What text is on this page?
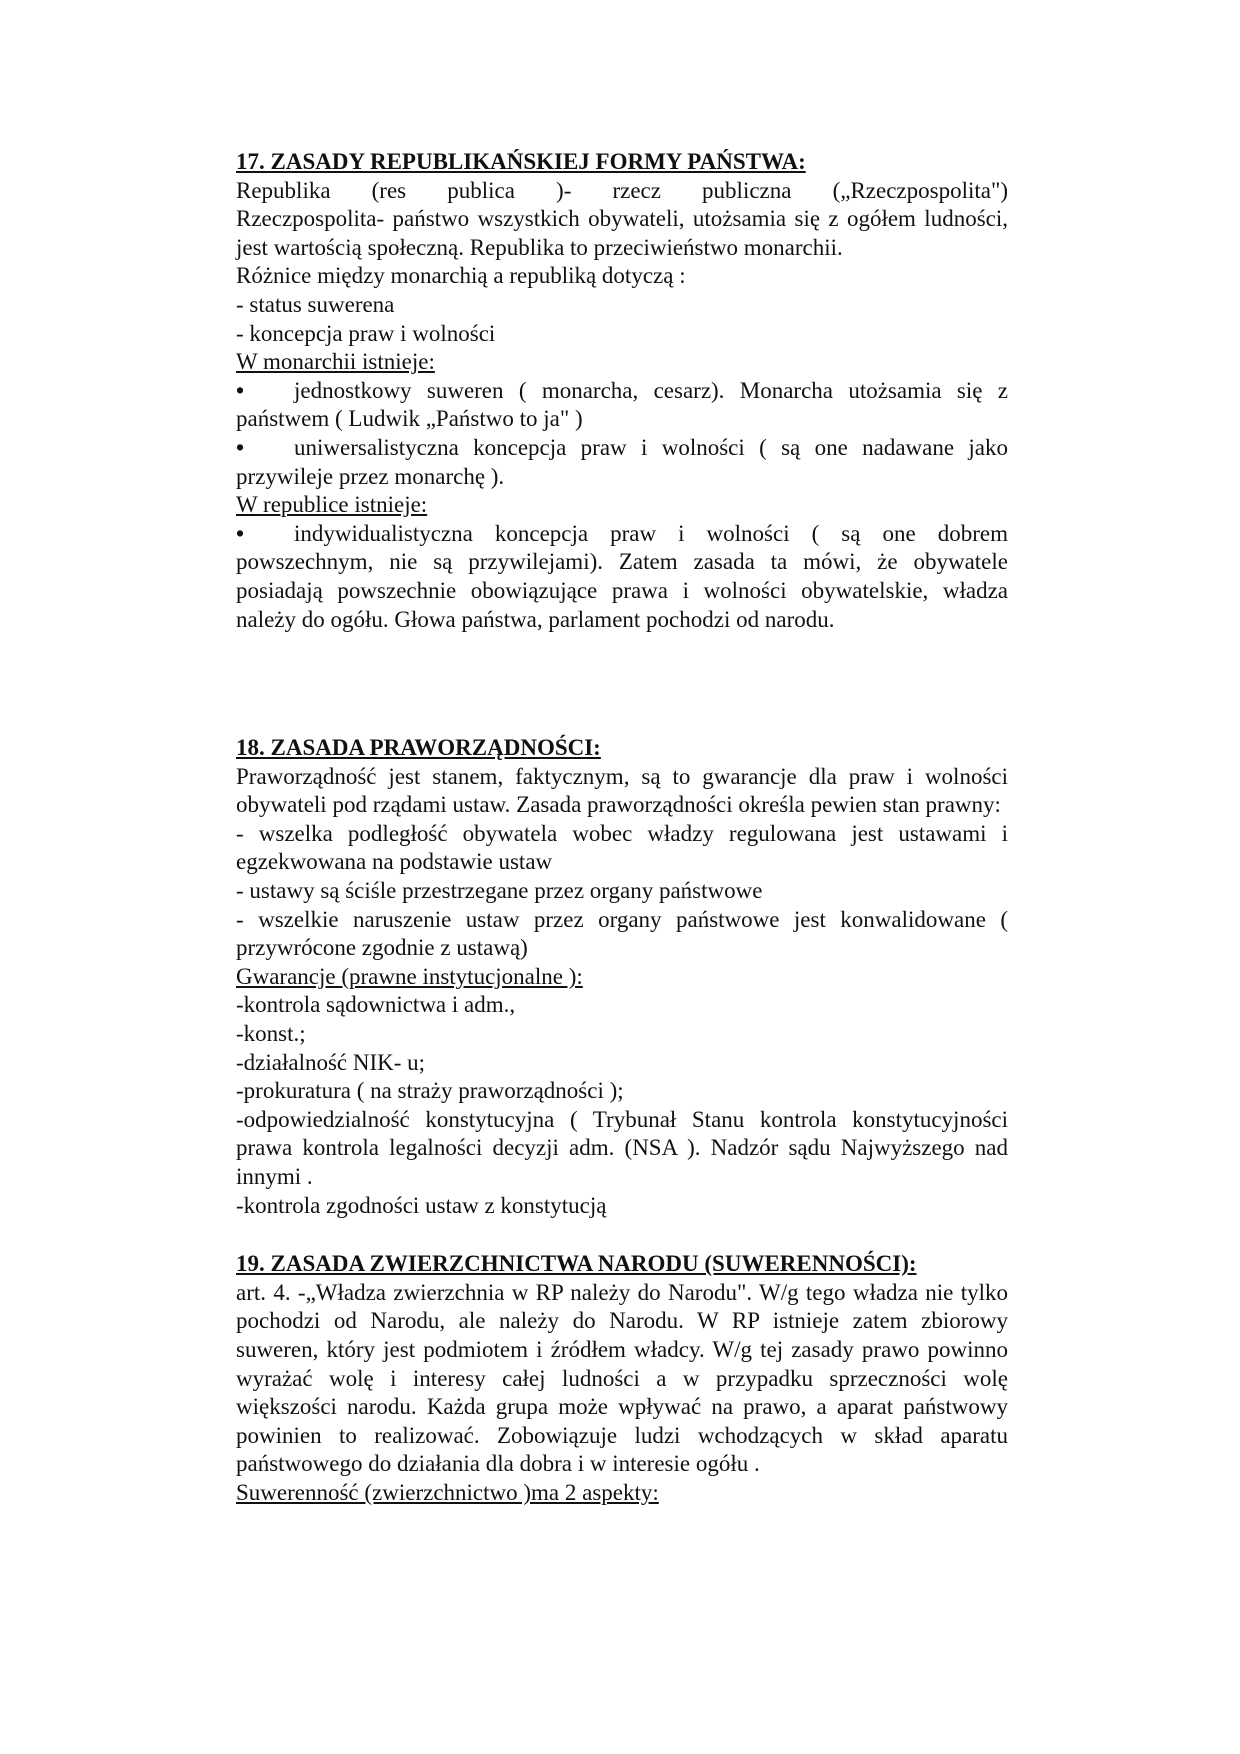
17. ZASADY REPUBLIKAŃSKIEJ FORMY PAŃSTWA:

Republika (res publica )- rzecz publiczna („Rzeczpospolita")

Rzeczpospolita- państwo wszystkich obywateli, utożsamia się z ogółem ludności, jest wartością społeczną. Republika to przeciwieństwo monarchii.

Różnice między monarchią a republiką dotyczą :

- status suwerena

- koncepcja praw i wolności

W monarchii istnieje:

• jednostkowy suweren ( monarcha, cesarz). Monarcha utożsamia się z państwem ( Ludwik „Państwo to ja" )

• uniwersalistyczna koncepcja praw i wolności ( są one nadawane jako przywileje przez monarchę ).

W republice istnieje:

• indywidualistyczna koncepcja praw i wolności ( są one dobrem powszechnym, nie są przywilejami). Zatem zasada ta mówi, że obywatele posiadają powszechnie obowiązujące prawa i wolności obywatelskie, władza należy do ogółu. Głowa państwa, parlament pochodzi od narodu.

18. ZASADA PRAWORZĄDNOŚCI:

Praworządność jest stanem, faktycznym, są to gwarancje dla praw i wolności obywateli pod rządami ustaw. Zasada praworządności określa pewien stan prawny:

- wszelka podległość obywatela wobec władzy regulowana jest ustawami i egzekwowana na podstawie ustaw

- ustawy są ściśle przestrzegane przez organy państwowe

- wszelkie naruszenie ustaw przez organy państwowe jest konwalidowane ( przywrócone zgodnie z ustawą)

Gwarancje (prawne instytucjonalne ):

-kontrola sądownictwa i adm.,

-konst.;

-działalność NIK- u;

-prokuratura ( na straży praworządności );

-odpowiedzialność konstytucyjna ( Trybunał Stanu kontrola konstytucyjności prawa kontrola legalności decyzji adm. (NSA ). Nadzór sądu Najwyższego nad innymi .

-kontrola zgodności ustaw z konstytucją

19. ZASADA ZWIERZCHNICTWA NARODU (SUWERENNOŚCI):

art. 4. -„Władza zwierzchnia w RP należy do Narodu". W/g tego władza nie tylko pochodzi od Narodu, ale należy do Narodu. W RP istnieje zatem zbiorowy suweren, który jest podmiotem i źródłem władcy. W/g tej zasady prawo powinno wyrażać wolę i interesy całej ludności a w przypadku sprzeczności wolę większości narodu. Każda grupa może wpływać na prawo, a aparat państwowy powinien to realizować. Zobowiązuje ludzi wchodzących w skład aparatu państwowego do działania dla dobra i w interesie ogółu .

Suwerenność (zwierzchnictwo )ma 2 aspekty:
